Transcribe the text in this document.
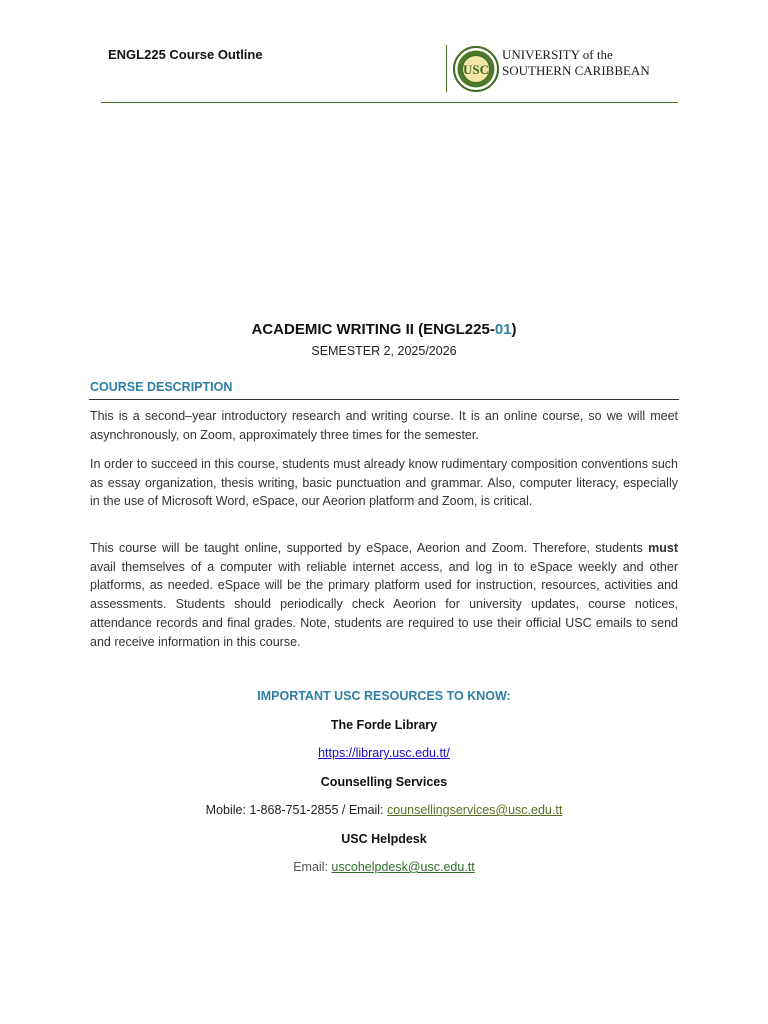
ENGL225 Course Outline
USC
UNIVERSITY of the
SOUTHERN CARIBBEAN
ACADEMIC WRITING II (ENGL225-01)
SEMESTER 2, 2025/2026
COURSE DESCRIPTION

This is a second–year introductory research and writing course. It is an online course, so we will meet asynchronously, on Zoom, approximately three times for the semester.

In order to succeed in this course, students must already know rudimentary composition conventions such as essay organization, thesis writing, basic punctuation and grammar. Also, computer literacy, especially in the use of Microsoft Word, eSpace, our Aeorion platform and Zoom, is critical.

This course will be taught online, supported by eSpace, Aeorion and Zoom. Therefore, students must avail themselves of a computer with reliable internet access, and log in to eSpace weekly and other platforms, as needed. eSpace will be the primary platform used for instruction, resources, activities and assessments. Students should periodically check Aeorion for university updates, course notices, attendance records and final grades. Note, students are required to use their official USC emails to send and receive information in this course.

IMPORTANT USC RESOURCES TO KNOW:
The Forde Library
https://library.usc.edu.tt/
Counselling Services
Mobile: 1-868-751-2855 / Email: counsellingservices@usc.edu.tt
USC Helpdesk
Email: uscohelpdesk@usc.edu.tt
